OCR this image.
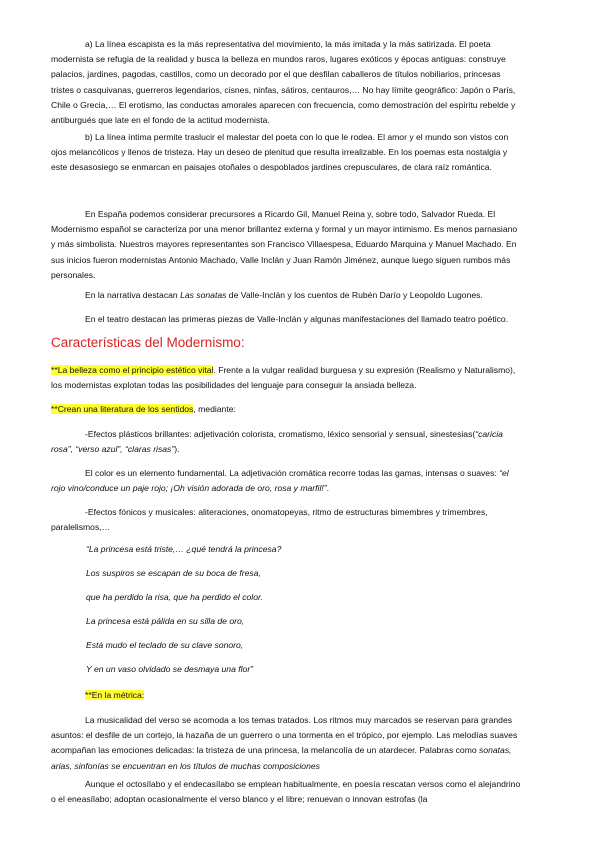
a) La línea escapista es la más representativa del movimiento, la más imitada y la más satirizada. El poeta modernista se refugia de la realidad y busca la belleza en mundos raros, lugares exóticos y épocas antiguas: construye palacios, jardines, pagodas, castillos, como un decorado por el que desfilan caballeros de títulos nobiliarios, princesas tristes o casquivanas, guerreros legendarios, cisnes, ninfas, sátiros, centauros,… No hay límite geográfico: Japón o París, Chile o Grecia,… El erotismo, las conductas amorales aparecen con frecuencia, como demostración del espíritu rebelde y antiburgués que late en el fondo de la actitud modernista.
b) La línea íntima permite traslucir el malestar del poeta con lo que le rodea. El amor y el mundo son vistos con ojos melancólicos y llenos de tristeza. Hay un deseo de plenitud que resulta irrealizable. En los poemas esta nostalgia y este desasosiego se enmarcan en paisajes otoñales o despoblados jardines crepusculares, de clara raíz romántica.
En España podemos considerar precursores a Ricardo Gil, Manuel Reina y, sobre todo, Salvador Rueda. El Modernismo español se caracteriza por una menor brillantez externa y formal y un mayor intimismo. Es menos parnasiano y más simbolista. Nuestros mayores representantes son Francisco Villaespesa, Eduardo Marquina y Manuel Machado. En sus inicios fueron modernistas Antonio Machado, Valle Inclán y Juan Ramón Jiménez, aunque luego siguen rumbos más personales.
En la narrativa destacan Las sonatas de Valle-Inclán y los cuentos de Rubén Darío y Leopoldo Lugones.
En el teatro destacan las primeras piezas de Valle-Inclán y algunas manifestaciones del llamado teatro poético.
Características del Modernismo:
**La belleza como el principio estético vital. Frente a la vulgar realidad burguesa y su expresión (Realismo y Naturalismo), los modernistas explotan todas las posibilidades del lenguaje para conseguir la ansiada belleza.
**Crean una literatura de los sentidos, mediante:
-Efectos plásticos brillantes: adjetivación colorista, cromatismo, léxico sensorial y sensual, sinestesias(“caricia rosa”, “verso azul”, “claras risas”).
El color es un elemento fundamental. La adjetivación cromática recorre todas las gamas, intensas o suaves: “el rojo vino/conduce un paje rojo; ¡Oh visión adorada de oro, rosa y marfil!”.
-Efectos fónicos y musicales: aliteraciones, onomatopeyas, ritmo de estructuras bimembres y trimembres, paralelismos,…
“La princesa está triste,… ¿qué tendrá la princesa?
Los suspiros se escapan de su boca de fresa,
que ha perdido la risa, que ha perdido el color.
La princesa está pálida en su silla de oro,
Está mudo el teclado de su clave sonoro,
Y en un vaso olvidado se desmaya una flor”
**En la métrica:
La musicalidad del verso se acomoda a los temas tratados. Los ritmos muy marcados se reservan para grandes asuntos: el desfile de un cortejo, la hazaña de un guerrero o una tormenta en el trópico, por ejemplo. Las melodías suaves acompañan las emociones delicadas: la tristeza de una princesa, la melancolía de un atardecer. Palabras como sonatas, arias, sinfonías se encuentran en los títulos de muchas composiciones
Aunque el octosílabo y el endecasílabo se emplean habitualmente, en poesía rescatan versos como el alejandrino o el eneasílabo; adoptan ocasionalmente el verso blanco y el libre; renuevan o innovan estrofas (la
